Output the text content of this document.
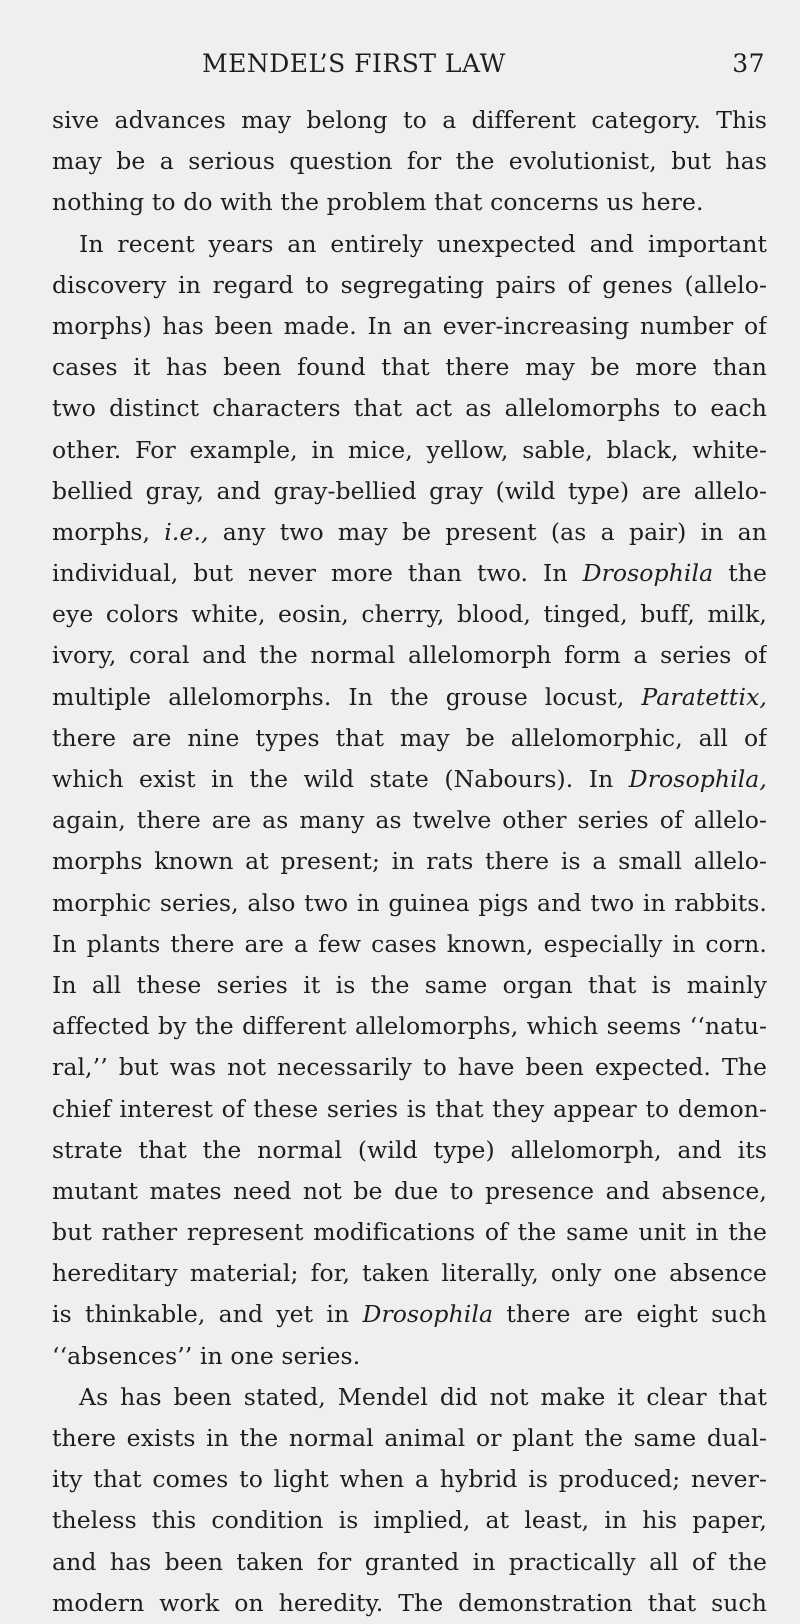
MENDEL’S FIRST LAW	37
sive advances may belong to a different category. This
may be a serious question for the evolutionist, but has
nothing to do with the problem that concerns us here.
In recent years an entirely unexpected and important
discovery in regard to segregating pairs of genes (allelo-
morphs) has been made. In an ever-increasing number of
cases it has been found that there may be more than
two distinct characters that act as allelomorphs to each
other. For example, in mice, yellow, sable, black, white-
bellied gray, and gray-bellied gray (wild type) are allelo-
morphs, i.e., any two may be present (as a pair) in an
individual, but never more than two. In Drosophila the
eye colors white, eosin, cherry, blood, tinged, buff, milk,
ivory, coral and the normal allelomorph form a series of
multiple allelomorphs. In the grouse locust, Paratettix,
there are nine types that may be allelomorphic, all of
which exist in the wild state (Nabours). In Drosophila,
again, there are as many as twelve other series of allelo-
morphs known at present; in rats there is a small allelo-
morphic series, also two in guinea pigs and two in rabbits.
In plants there are a few cases known, especially in corn.
In all these series it is the same organ that is mainly
affected by the different allelomorphs, which seems ‘‘natu-
ral,’’ but was not necessarily to have been expected. The
chief interest of these series is that they appear to demon-
strate that the normal (wild type) allelomorph, and its
mutant mates need not be due to presence and absence,
but rather represent modifications of the same unit in the
hereditary material; for, taken literally, only one absence
is thinkable, and yet in Drosophila there are eight such
‘‘absences’’ in one series.
As has been stated, Mendel did not make it clear that
there exists in the normal animal or plant the same dual-
ity that comes to light when a hybrid is produced; never-
theless this condition is implied, at least, in his paper,
and has been taken for granted in practically all of the
modern work on heredity. The demonstration that such
